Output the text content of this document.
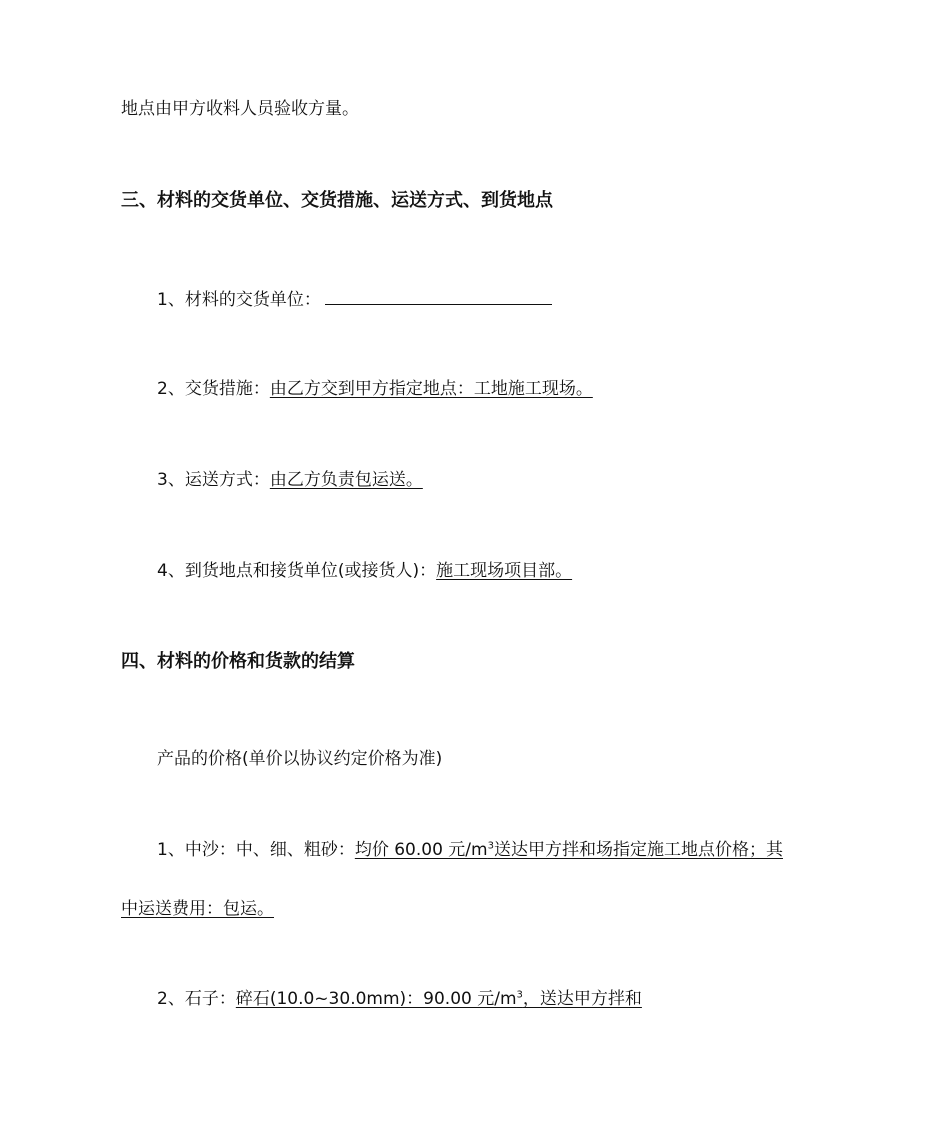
地点由甲方收料人员验收方量。
三、材料的交货单位、交货措施、运送方式、到货地点
1、材料的交货单位：
2、交货措施：由乙方交到甲方指定地点：工地施工现场。
3、运送方式：由乙方负责包运送。
4、到货地点和接货单位(或接货人)：施工现场项目部。
四、材料的价格和货款的结算
产品的价格(单价以协议约定价格为准)
1、中沙：中、细、粗砂：均价 60.00 元$/m^3$送达甲方拌和场指定施工地点价格；其
中运送费用：包运。
2、石子：碎石(10.0~30.0mm)：90.00 元$/m^3$，送达甲方拌和
